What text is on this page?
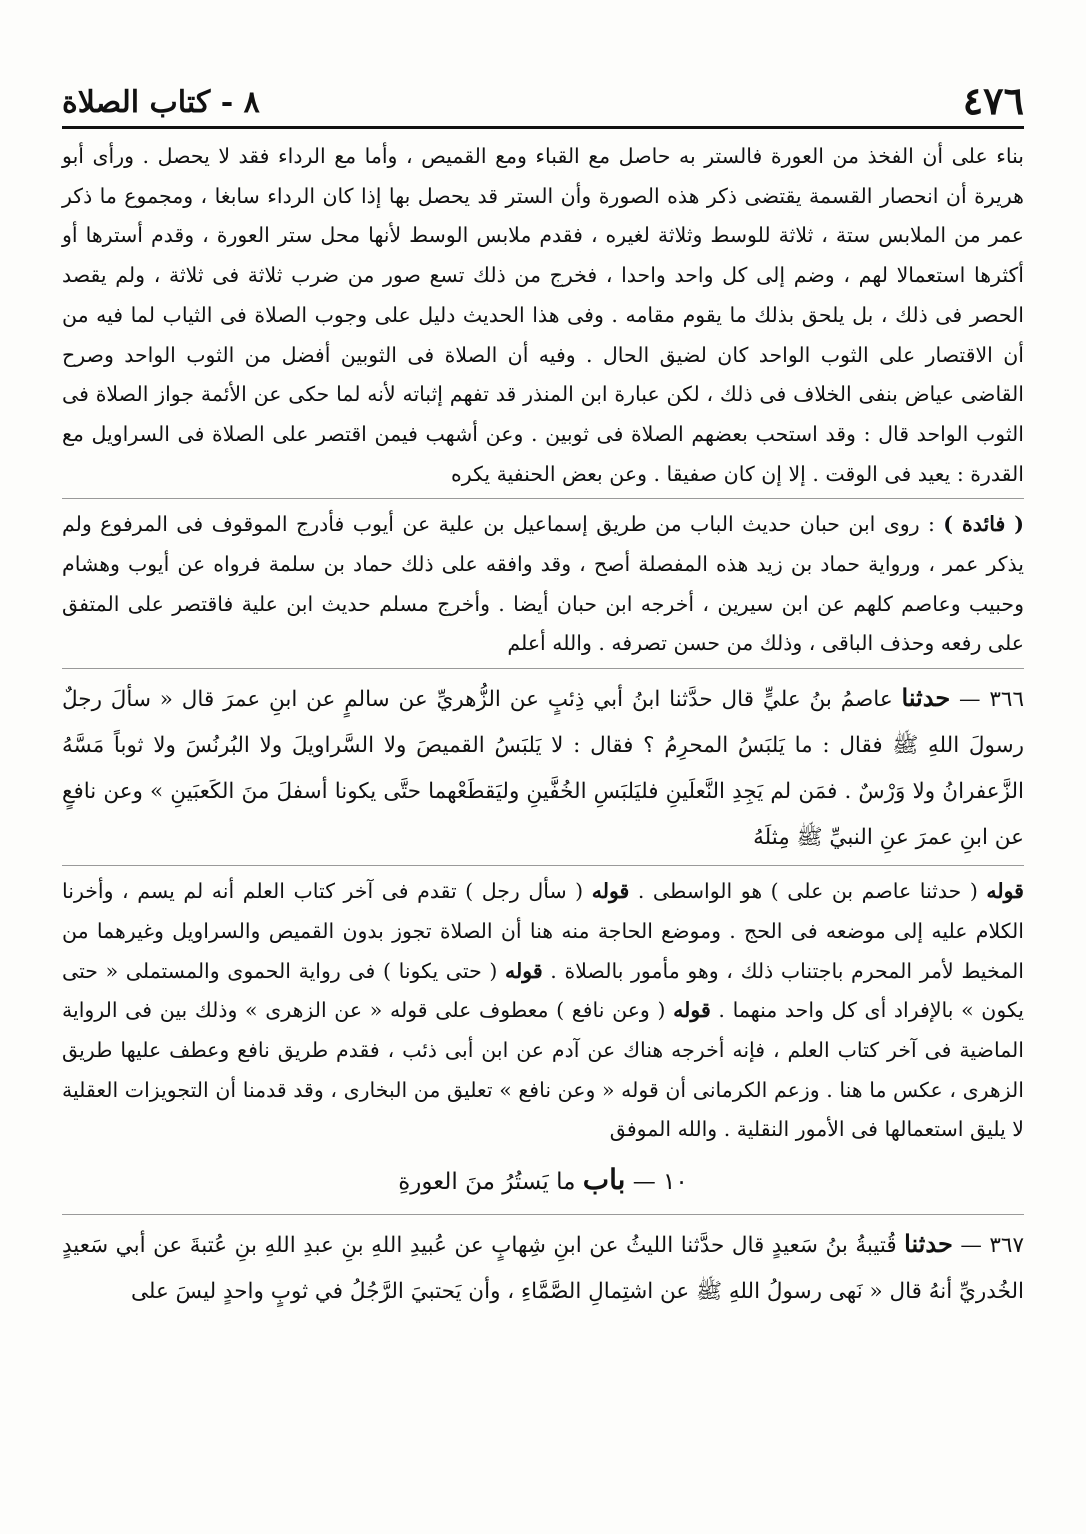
٤٧٦
٨ - كتاب الصلاة

بناء على أن الفخذ من العورة فالستر به حاصل مع القباء ومع القميص ، وأما مع الرداء فقد لا يحصل . ورأى أبو هريرة أن انحصار القسمة يقتضى ذكر هذه الصورة وأن الستر قد يحصل بها إذا كان الرداء سابغا ، ومجموع ما ذكر عمر من الملابس ستة ، ثلاثة للوسط وثلاثة لغيره ، فقدم ملابس الوسط لأنها محل ستر العورة ، وقدم أسترها أو أكثرها استعمالا لهم ، وضم إلى كل واحد واحدا ، فخرج من ذلك تسع صور من ضرب ثلاثة فى ثلاثة ، ولم يقصد الحصر فى ذلك ، بل يلحق بذلك ما يقوم مقامه . وفى هذا الحديث دليل على وجوب الصلاة فى الثياب لما فيه من أن الاقتصار على الثوب الواحد كان لضيق الحال . وفيه أن الصلاة فى الثوبين أفضل من الثوب الواحد وصرح القاضى عياض بنفى الخلاف فى ذلك ، لكن عبارة ابن المنذر قد تفهم إثباته لأنه لما حكى عن الأئمة جواز الصلاة فى الثوب الواحد قال : وقد استحب بعضهم الصلاة فى ثوبين . وعن أشهب فيمن اقتصر على الصلاة فى السراويل مع القدرة : يعيد فى الوقت . إلا إن كان صفيقا . وعن بعض الحنفية يكره

( فائدة ) : روى ابن حبان حديث الباب من طريق إسماعيل بن علية عن أيوب فأدرج الموقوف فى المرفوع ولم يذكر عمر ، ورواية حماد بن زيد هذه المفصلة أصح ، وقد وافقه على ذلك حماد بن سلمة فرواه عن أيوب وهشام وحبيب وعاصم كلهم عن ابن سيرين ، أخرجه ابن حبان أيضا . وأخرج مسلم حديث ابن علية فاقتصر على المتفق على رفعه وحذف الباقى ، وذلك من حسن تصرفه . والله أعلم

٣٦٦ — حدثنا عاصمُ بنُ عليٍّ قال حدَّثنا ابنُ أبي ذِئبٍ عن الزُّهريِّ عن سالمٍ عن ابنِ عمرَ قال « سألَ رجلٌ رسولَ اللهِ ﷺ فقال : ما يَلبَسُ المحرِمُ ؟ فقال : لا يَلبَسُ القميصَ ولا السَّراويلَ ولا البُرنُسَ ولا ثوباً مَسَّهُ الزَّعفرانُ ولا وَرْسٌ . فمَن لم يَجِدِ النَّعلَينِ فليَلبَسِ الخُفَّينِ وليَقطَعْهما حتَّى يكونا أسفلَ منَ الكَعبَينِ » وعن نافعٍ عن ابنِ عمرَ عنِ النبيِّ ﷺ مِثلَهُ

قوله ( حدثنا عاصم بن على ) هو الواسطى . قوله ( سأل رجل ) تقدم فى آخر كتاب العلم أنه لم يسم ، وأخرنا الكلام عليه إلى موضعه فى الحج . وموضع الحاجة منه هنا أن الصلاة تجوز بدون القميص والسراويل وغيرهما من المخيط لأمر المحرم باجتناب ذلك ، وهو مأمور بالصلاة . قوله ( حتى يكونا ) فى رواية الحموى والمستملى « حتى يكون » بالإفراد أى كل واحد منهما . قوله ( وعن نافع ) معطوف على قوله « عن الزهرى » وذلك بين فى الرواية الماضية فى آخر كتاب العلم ، فإنه أخرجه هناك عن آدم عن ابن أبى ذئب ، فقدم طريق نافع وعطف عليها طريق الزهرى ، عكس ما هنا . وزعم الكرمانى أن قوله « وعن نافع » تعليق من البخارى ، وقد قدمنا أن التجويزات العقلية لا يليق استعمالها فى الأمور النقلية . والله الموفق

١٠ — باب ما يَستُرُ منَ العورةِ

٣٦٧ — حدثنا قُتيبةُ بنُ سَعيدٍ قال حدَّثنا الليثُ عن ابنِ شِهابٍ عن عُبيدِ اللهِ بنِ عبدِ اللهِ بنِ عُتبةَ عن أبي سَعيدٍ الخُدريِّ أنهُ قال « نَهى رسولُ اللهِ ﷺ عن اشتِمالِ الصَّمَّاءِ ، وأن يَحتبيَ الرَّجُلُ في ثوبٍ واحدٍ ليسَ على
